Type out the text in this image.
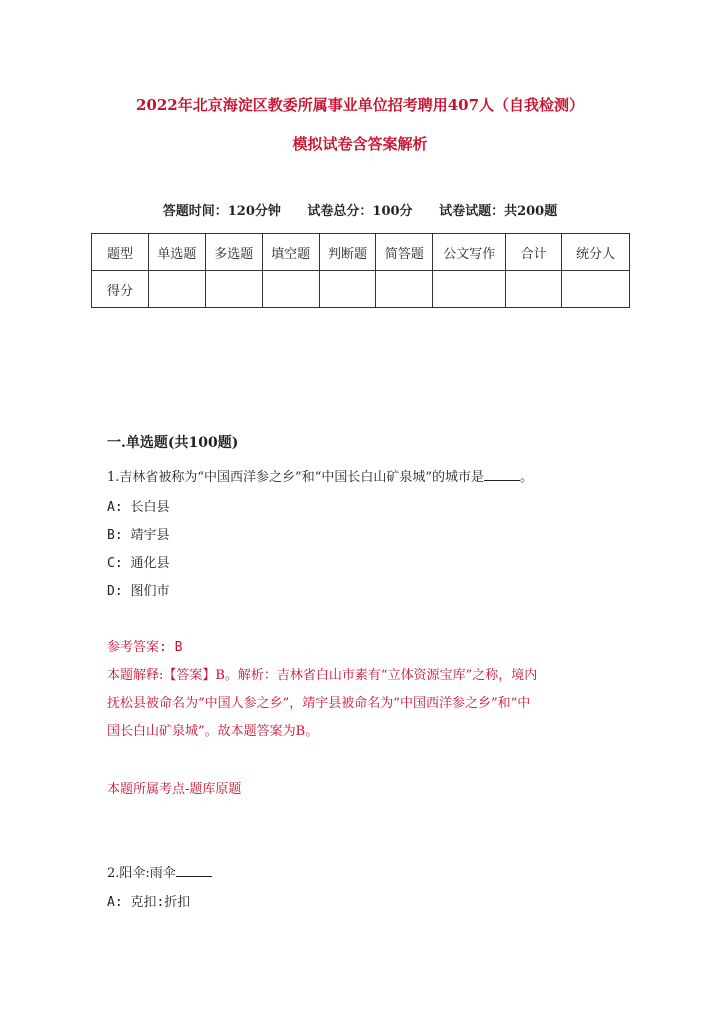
2022年北京海淀区教委所属事业单位招考聘用407人（自我检测）
模拟试卷含答案解析
答题时间：120分钟 试卷总分：100分 试卷试题：共200题
题型	单选题	多选题	填空题	判断题	简答题	公文写作	合计	统分人
得分								
一.单选题(共100题)
1.吉林省被称为“中国西洋参之乡”和“中国长白山矿泉城”的城市是	。
A: 长白县
B: 靖宇县
C: 通化县
D: 图们市
参考答案: B
本题解释:【答案】B。解析：吉林省白山市素有“立体资源宝库”之称，境内
抚松县被命名为“中国人参之乡”，靖宇县被命名为“中国西洋参之乡”和“中
国长白山矿泉城”。故本题答案为B。
本题所属考点-题库原题
2.阳伞:雨伞
A: 克扣:折扣
